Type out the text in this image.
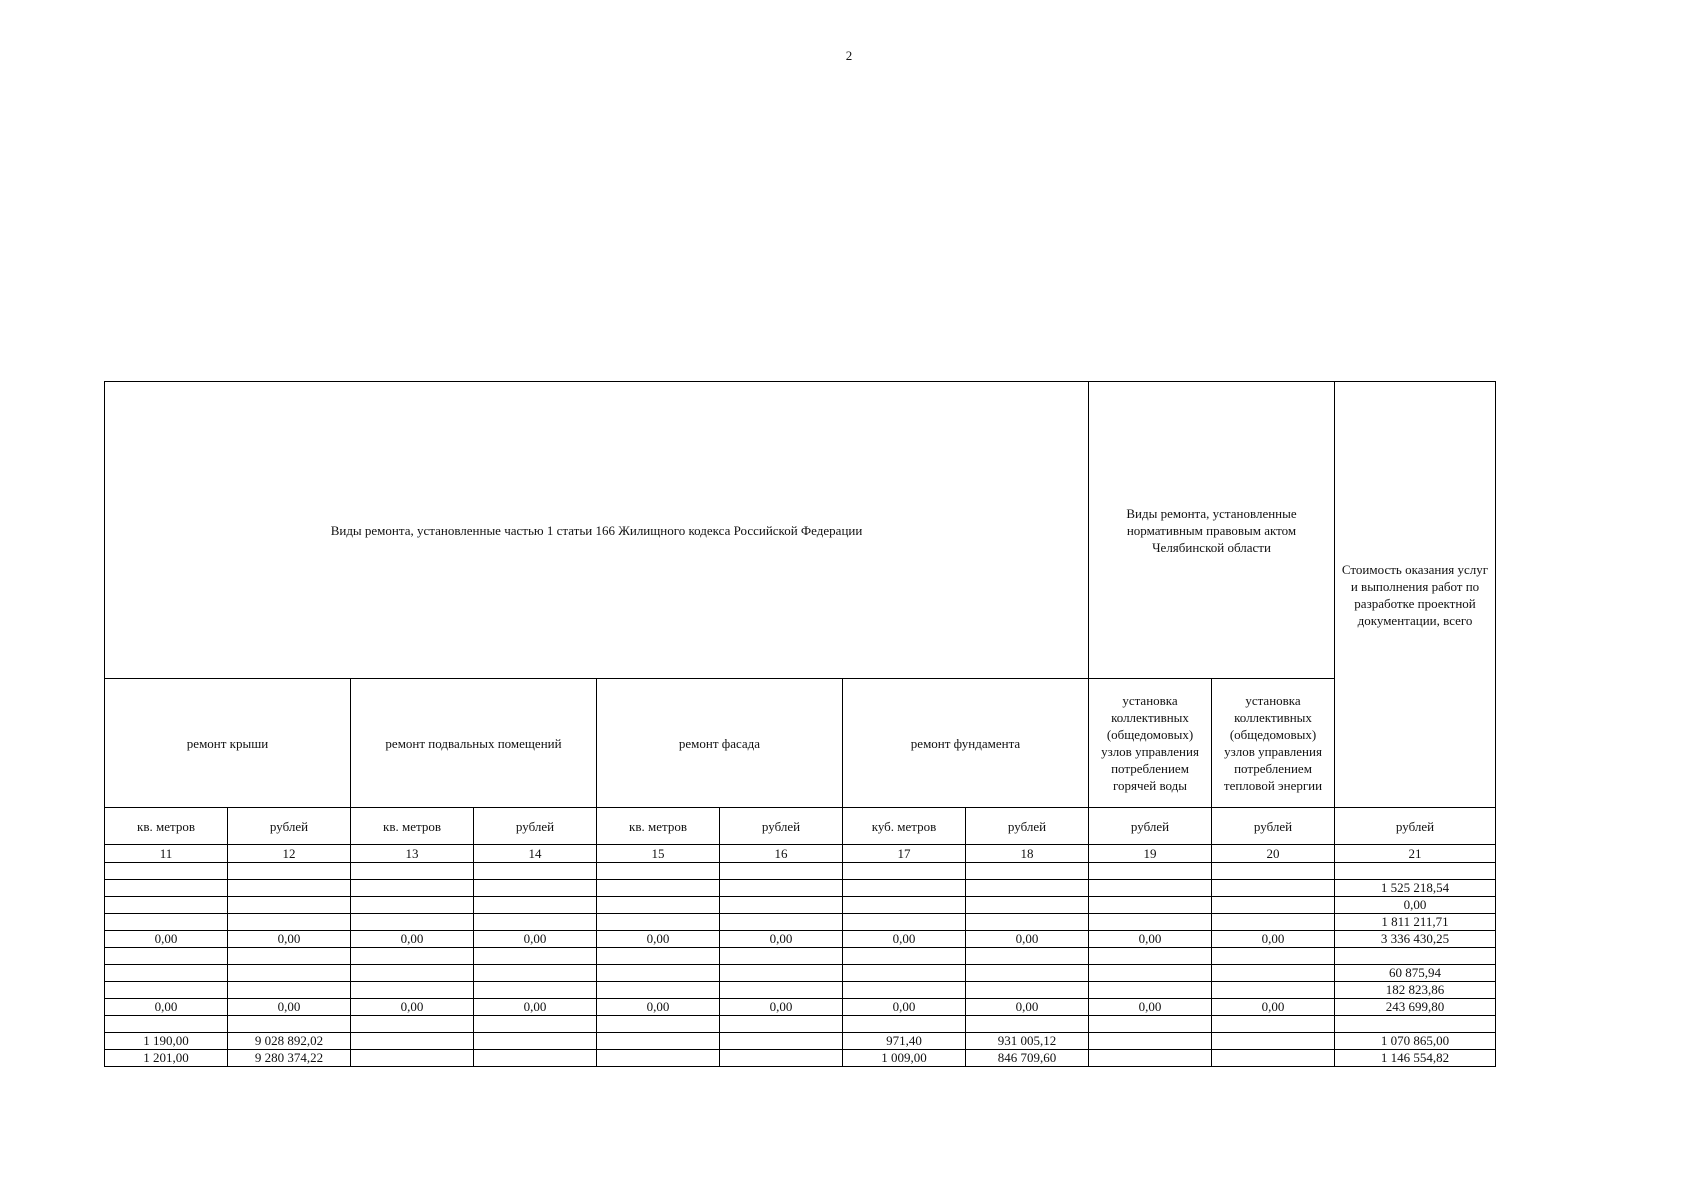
2
Виды ремонта, установленные частью 1 статьи 166 Жилищного кодекса Российской Федерации								Виды ремонта, установленные нормативным правовым актом Челябинской области		Стоимость оказания услуг и выполнения работ по разработке проектной документации, всего
ремонт крыши		ремонт подвальных помещений		ремонт фасада		ремонт фундамента		установка коллективных (общедомовых) узлов управления потреблением горячей воды	установка коллективных (общедомовых) узлов управления потреблением тепловой энергии	
кв. метров	рублей	кв. метров	рублей	кв. метров	рублей	куб. метров	рублей	рублей	рублей	рублей
11	12	13	14	15	16	17	18	19	20	21

										1 525 218,54
										0,00
										1 811 211,71
0,00	0,00	0,00	0,00	0,00	0,00	0,00	0,00	0,00	0,00	3 336 430,25

										60 875,94
										182 823,86
0,00	0,00	0,00	0,00	0,00	0,00	0,00	0,00	0,00	0,00	243 699,80

1 190,00	9 028 892,02					971,40	931 005,12			1 070 865,00
1 201,00	9 280 374,22					1 009,00	846 709,60			1 146 554,82
